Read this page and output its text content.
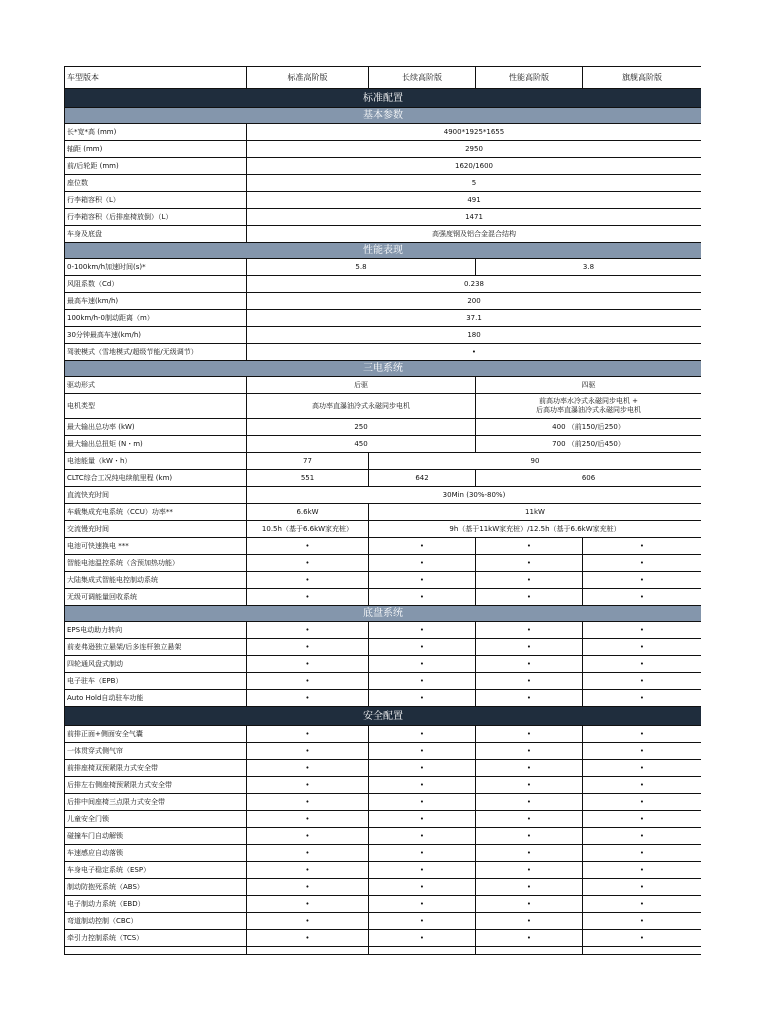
车型版本	标准高阶版	长续高阶版	性能高阶版	旗舰高阶版
标准配置				
基本参数				
长*宽*高 (mm)	4900*1925*1655			
轴距 (mm)	2950			
前/后轮距 (mm)	1620/1600			
座位数	5			
行李箱容积（L）	491			
行李箱容积（后排座椅放倒）（L）	1471			
车身及底盘	高强度钢及铝合金混合结构			
性能表现				
0-100km/h加速时间(s)*	5.8		3.8	
风阻系数（Cd）	0.238			
最高车速(km/h)	200			
100km/h-0制动距离（m）	37.1			
30分钟最高车速(km/h)	180			
驾驶模式（雪地模式/超级节能/无级调节）	•			
三电系统				
驱动形式	后驱		四驱	
电机类型	高功率直瀑油冷式永磁同步电机		前高功率水冷式永磁同步电机 +
后高功率直瀑油冷式永磁同步电机	

最大输出总功率 (kW)	250		400 （前150/后250）	
最大输出总扭矩 (N・m)	450		700 （前250/后450）	
电池能量（kW・h）	77	90		
CLTC综合工况纯电续航里程 (km)	551	642	606	
直流快充时间	30Min (30%-80%)			
车载集成充电系统（CCU）功率**	6.6kW	11kW		
交流慢充时间	10.5h（基于6.6kW家充桩）	9h（基于11kW家充桩）/12.5h（基于6.6kW家充桩）		
电池可快速换电 ***	•	•	•	•
智能电池温控系统（含预加热功能）	•	•	•	•
大陆集成式智能电控制动系统	•	•	•	•
无级可调能量回收系统	•	•	•	•
底盘系统				
EPS电动助力转向	•	•	•	•
前麦弗逊独立悬架/后多连杆独立悬架	•	•	•	•
四轮通风盘式制动	•	•	•	•
电子驻车（EPB）	•	•	•	•
Auto Hold自动驻车功能	•	•	•	•
安全配置				
前排正面+侧面安全气囊	•	•	•	•
一体贯穿式侧气帘	•	•	•	•
前排座椅双预紧限力式安全带	•	•	•	•
后排左右侧座椅预紧限力式安全带	•	•	•	•
后排中间座椅三点限力式安全带	•	•	•	•
儿童安全门锁	•	•	•	•
碰撞车门自动解锁	•	•	•	•
车速感应自动落锁	•	•	•	•
车身电子稳定系统（ESP）	•	•	•	•
制动防抱死系统（ABS）	•	•	•	•
电子制动力系统（EBD）	•	•	•	•
弯道制动控制（CBC）	•	•	•	•
牵引力控制系统（TCS）	•	•	•	•
